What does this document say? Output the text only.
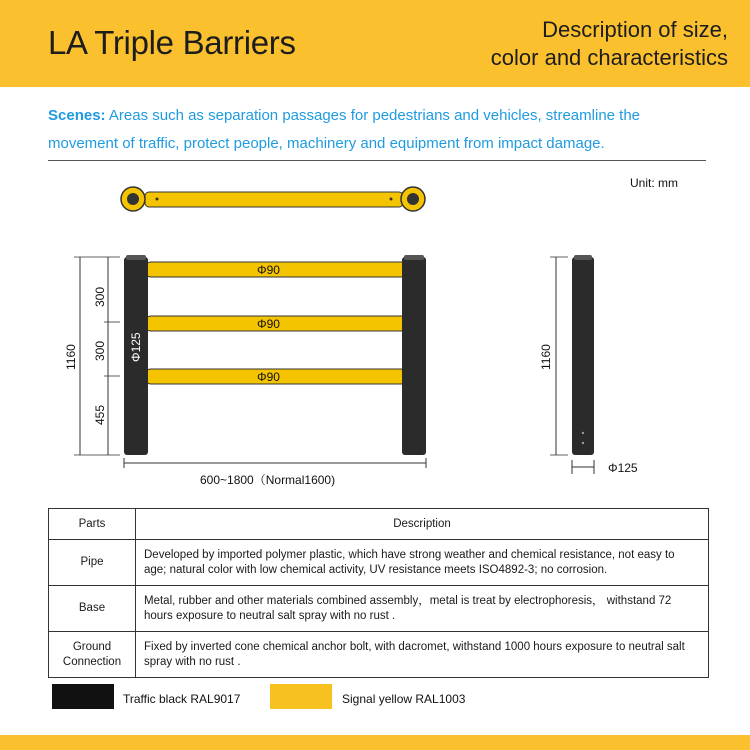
LA Triple Barriers	Description of size,
color and characteristics
Scenes: Areas such as separation passages for pedestrians and vehicles, streamline the movement of traffic, protect people, machinery and equipment from impact damage.
Unit: mm
Φ90
Φ90
Φ90
Φ125
1160
300
300
455
600~1800（Normal1600)
1160
Φ125
Parts	Description
Pipe	Developed by imported polymer plastic, which have strong weather and chemical resistance, not easy to age; natural color with low chemical activity, UV resistance meets ISO4892-3; no corrosion.
Base	Metal, rubber and other materials combined assembly，metal is treat by electrophoresis， withstand 72 hours exposure to neutral salt spray with no rust .
Ground Connection	Fixed by inverted cone chemical anchor bolt, with dacromet, withstand 1000 hours exposure to neutral salt spray with no rust .
Traffic black RAL9017	Signal yellow RAL1003
